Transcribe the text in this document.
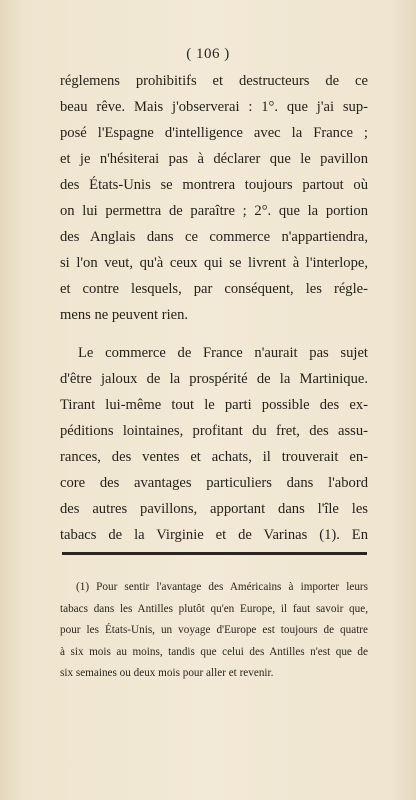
( 106 )
réglemens prohibitifs et destructeurs de ce
beau rêve. Mais j'observerai : 1°. que j'ai sup-
posé l'Espagne d'intelligence avec la France ;
et je n'hésiterai pas à déclarer que le pavillon
des États-Unis se montrera toujours partout où
on lui permettra de paraître ; 2°. que la portion
des Anglais dans ce commerce n'appartiendra,
si l'on veut, qu'à ceux qui se livrent à l'interlope,
et contre lesquels, par conséquent, les régle-
mens ne peuvent rien.
Le commerce de France n'aurait pas sujet
d'être jaloux de la prospérité de la Martinique.
Tirant lui-même tout le parti possible des ex-
péditions lointaines, profitant du fret, des assu-
rances, des ventes et achats, il trouverait en-
core des avantages particuliers dans l'abord
des autres pavillons, apportant dans l'île les
tabacs de la Virginie et de Varinas (1). En
(1) Pour sentir l'avantage des Américains à importer leurs
tabacs dans les Antilles plutôt qu'en Europe, il faut savoir que,
pour les États-Unis, un voyage d'Europe est toujours de quatre
à six mois au moins, tandis que celui des Antilles n'est que de
six semaines ou deux mois pour aller et revenir.
